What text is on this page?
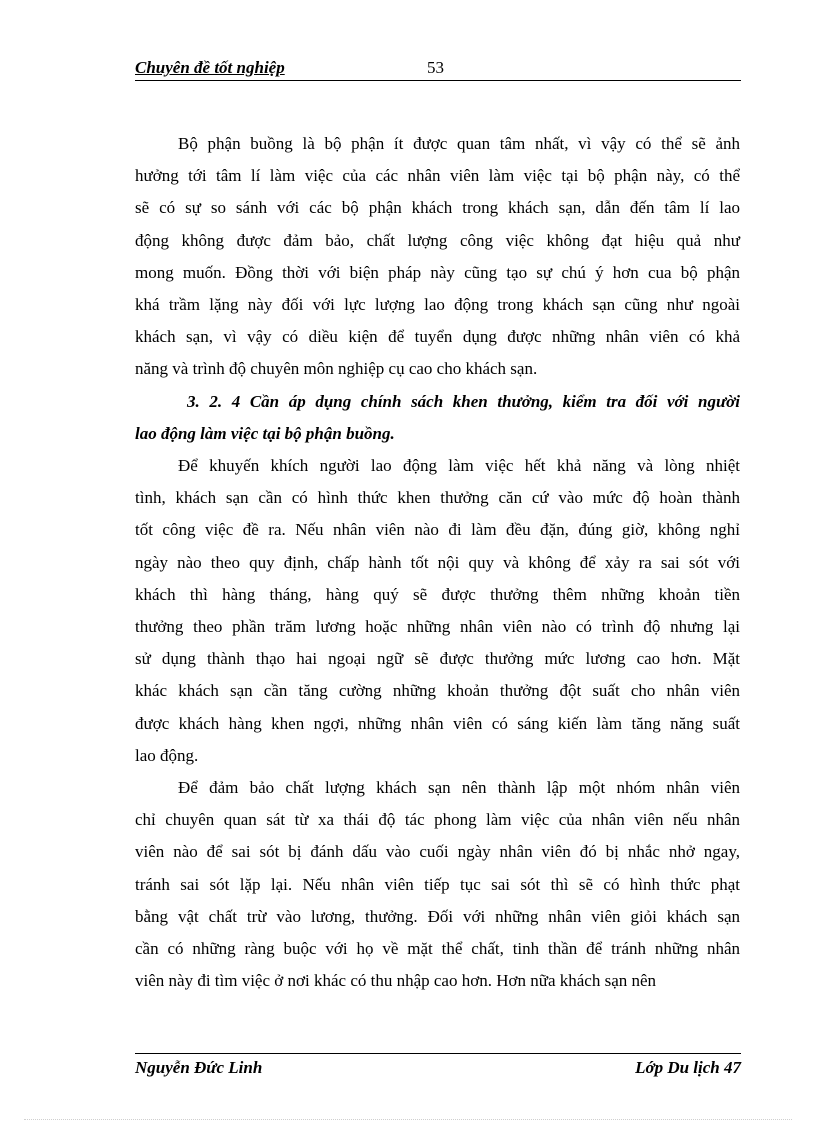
Chuyên đề tốt nghiệp	53
Bộ phận buồng là bộ phận ít được quan tâm nhất, vì vậy có thể sẽ ảnh
hưởng tới tâm lí làm việc của các nhân viên làm việc tại bộ phận này, có thể
sẽ có sự so sánh với các bộ phận khách trong khách sạn, dẫn đến tâm lí lao
động không được đảm bảo, chất lượng công việc không đạt hiệu quả như
mong muốn. Đồng thời với biện pháp này cũng tạo sự chú ý hơn cua bộ phận
khá trầm lặng này đối với lực lượng lao động trong khách sạn cũng như ngoài
khách sạn, vì vậy có diều kiện để tuyển dụng được những nhân viên có khả
năng và trình độ chuyên môn nghiệp cụ cao cho khách sạn.
3. 2. 4 Cần áp dụng chính sách khen thưởng, kiểm tra đối với người
lao động làm việc tại bộ phận buồng.
Để khuyến khích người lao động làm việc hết khả năng và lòng nhiệt
tình, khách sạn cần có hình thức khen thưởng căn cứ vào mức độ hoàn thành
tốt công việc đề ra. Nếu nhân viên nào đi làm đều đặn, đúng giờ, không nghỉ
ngày nào theo quy định, chấp hành tốt nội quy và không để xảy ra sai sót với
khách thì hàng tháng, hàng quý sẽ được thưởng thêm những khoản tiền
thưởng theo phần trăm lương hoặc những nhân viên nào có trình độ nhưng lại
sử dụng thành thạo hai ngoại ngữ sẽ được thưởng mức lương cao hơn. Mặt
khác khách sạn cần tăng cường những khoản thưởng đột suất cho nhân viên
được khách hàng khen ngợi, những nhân viên có sáng kiến làm tăng năng suất
lao động.
Để đảm bảo chất lượng khách sạn nên thành lập một nhóm nhân viên
chỉ chuyên quan sát từ xa thái độ tác phong làm việc của nhân viên nếu nhân
viên nào để sai sót bị đánh dấu vào cuối ngày nhân viên đó bị nhắc nhở ngay,
tránh sai sót lặp lại. Nếu nhân viên tiếp tục sai sót thì sẽ có hình thức phạt
bằng vật chất trừ vào lương, thưởng. Đối với những nhân viên giỏi khách sạn
cần có những ràng buộc với họ về mặt thể chất, tinh thần để tránh những nhân
viên này đi tìm việc ở nơi khác có thu nhập cao hơn. Hơn nữa khách sạn nên
Nguyễn Đức Linh	Lớp Du lịch 47
